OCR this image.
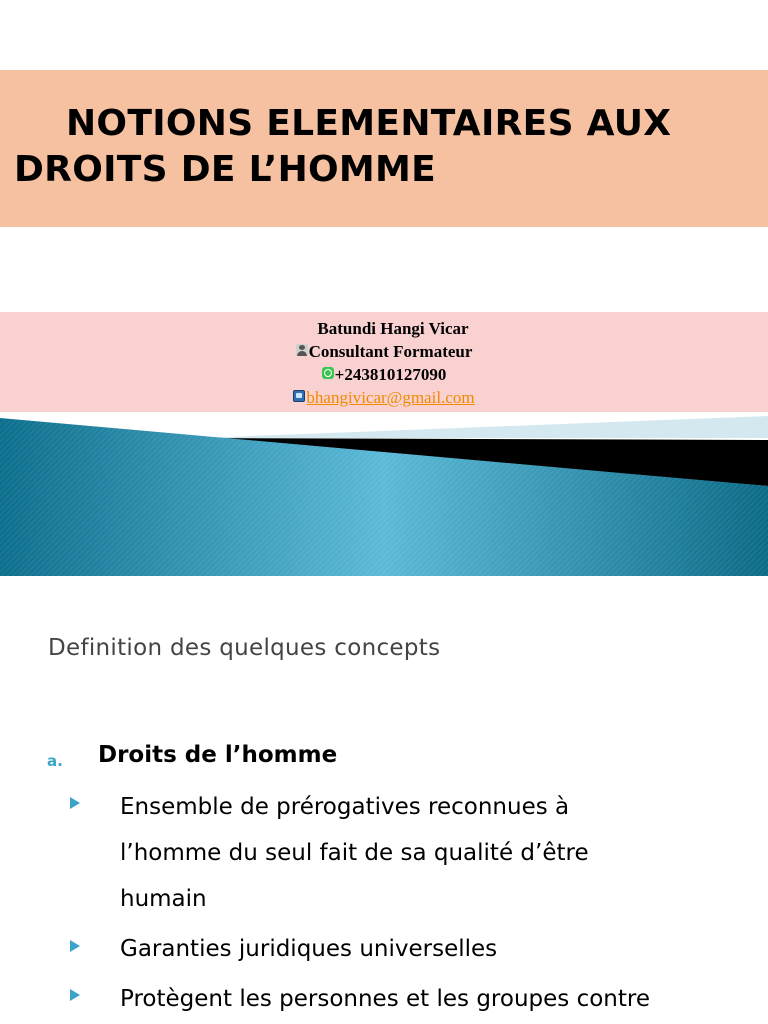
NOTIONS ELEMENTAIRES AUX
DROITS DE L’HOMME
Batundi Hangi Vicar
Consultant Formateur
+243810127090
bhangivicar@gmail.com
Definition des quelques concepts
a. Droits de l’homme
Ensemble de prérogatives reconnues à
l’homme du seul fait de sa qualité d’être
humain
Garanties juridiques universelles
Protègent les personnes et les groupes contre
